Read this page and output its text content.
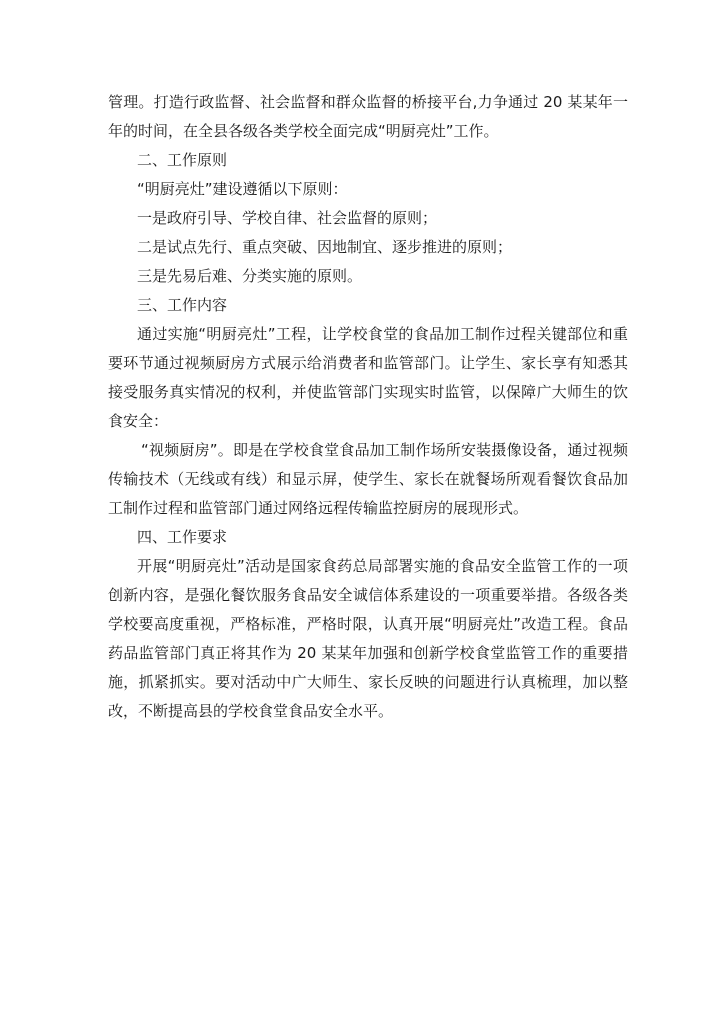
管理。打造行政监督、社会监督和群众监督的桥接平台,力争通过 20 某某年一年的时间，在全县各级各类学校全面完成“明厨亮灶”工作。

二、工作原则

“明厨亮灶”建设遵循以下原则：

一是政府引导、学校自律、社会监督的原则；

二是试点先行、重点突破、因地制宜、逐步推进的原则；

三是先易后难、分类实施的原则。

三、工作内容

通过实施“明厨亮灶”工程，让学校食堂的食品加工制作过程关键部位和重要环节通过视频厨房方式展示给消费者和监管部门。让学生、家长享有知悉其接受服务真实情况的权利，并使监管部门实现实时监管，以保障广大师生的饮食安全：

“视频厨房”。即是在学校食堂食品加工制作场所安装摄像设备，通过视频传输技术（无线或有线）和显示屏，使学生、家长在就餐场所观看餐饮食品加工制作过程和监管部门通过网络远程传输监控厨房的展现形式。

四、工作要求

开展“明厨亮灶”活动是国家食药总局部署实施的食品安全监管工作的一项创新内容，是强化餐饮服务食品安全诚信体系建设的一项重要举措。各级各类学校要高度重视，严格标准，严格时限，认真开展“明厨亮灶”改造工程。食品药品监管部门真正将其作为 20 某某年加强和创新学校食堂监管工作的重要措施，抓紧抓实。要对活动中广大师生、家长反映的问题进行认真梳理，加以整改，不断提高县的学校食堂食品安全水平。
